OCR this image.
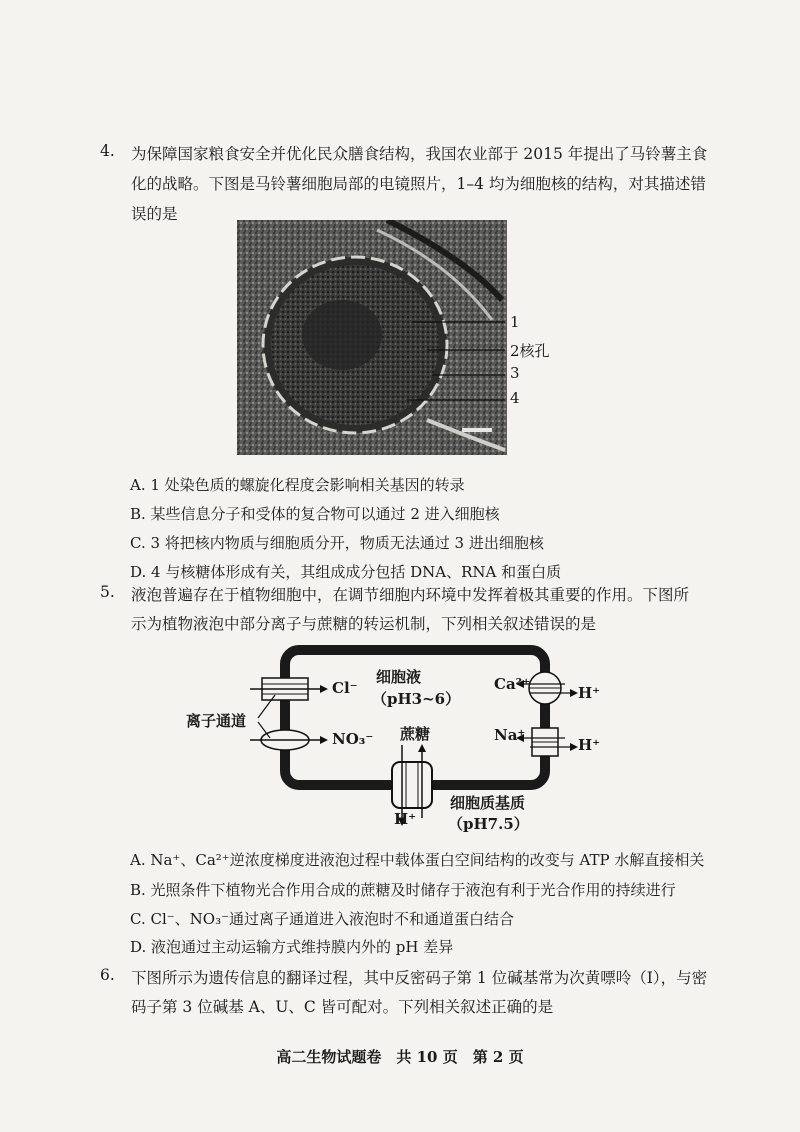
4. 为保障国家粮食安全并优化民众膳食结构，我国农业部于 2015 年提出了马铃薯主食
化的战略。下图是马铃薯细胞局部的电镜照片，1–4 均为细胞核的结构，对其描述错
误的是
1
2核孔
3
4
A. 1 处染色质的螺旋化程度会影响相关基因的转录
B. 某些信息分子和受体的复合物可以通过 2 进入细胞核
C. 3 将把核内物质与细胞质分开，物质无法通过 3 进出细胞核
D. 4 与核糖体形成有关，其组成成分包括 DNA、RNA 和蛋白质
5. 液泡普遍存在于植物细胞中，在调节细胞内环境中发挥着极其重要的作用。下图所
示为植物液泡中部分离子与蔗糖的转运机制，下列相关叙述错误的是
细胞液
（pH3~6）
离子通道
Cl⁻
NO₃⁻ 蔗糖
Ca²⁺
Na⁺
H⁺
H⁺
H⁺
细胞质基质
（pH7.5）
A. Na⁺、Ca²⁺逆浓度梯度进液泡过程中载体蛋白空间结构的改变与 ATP 水解直接相关
B. 光照条件下植物光合作用合成的蔗糖及时储存于液泡有利于光合作用的持续进行
C. Cl⁻、NO₃⁻通过离子通道进入液泡时不和通道蛋白结合
D. 液泡通过主动运输方式维持膜内外的 pH 差异
6. 下图所示为遗传信息的翻译过程，其中反密码子第 1 位碱基常为次黄嘌呤（I），与密
码子第 3 位碱基 A、U、C 皆可配对。下列相关叙述正确的是
高二生物试题卷　共 10 页　第 2 页
